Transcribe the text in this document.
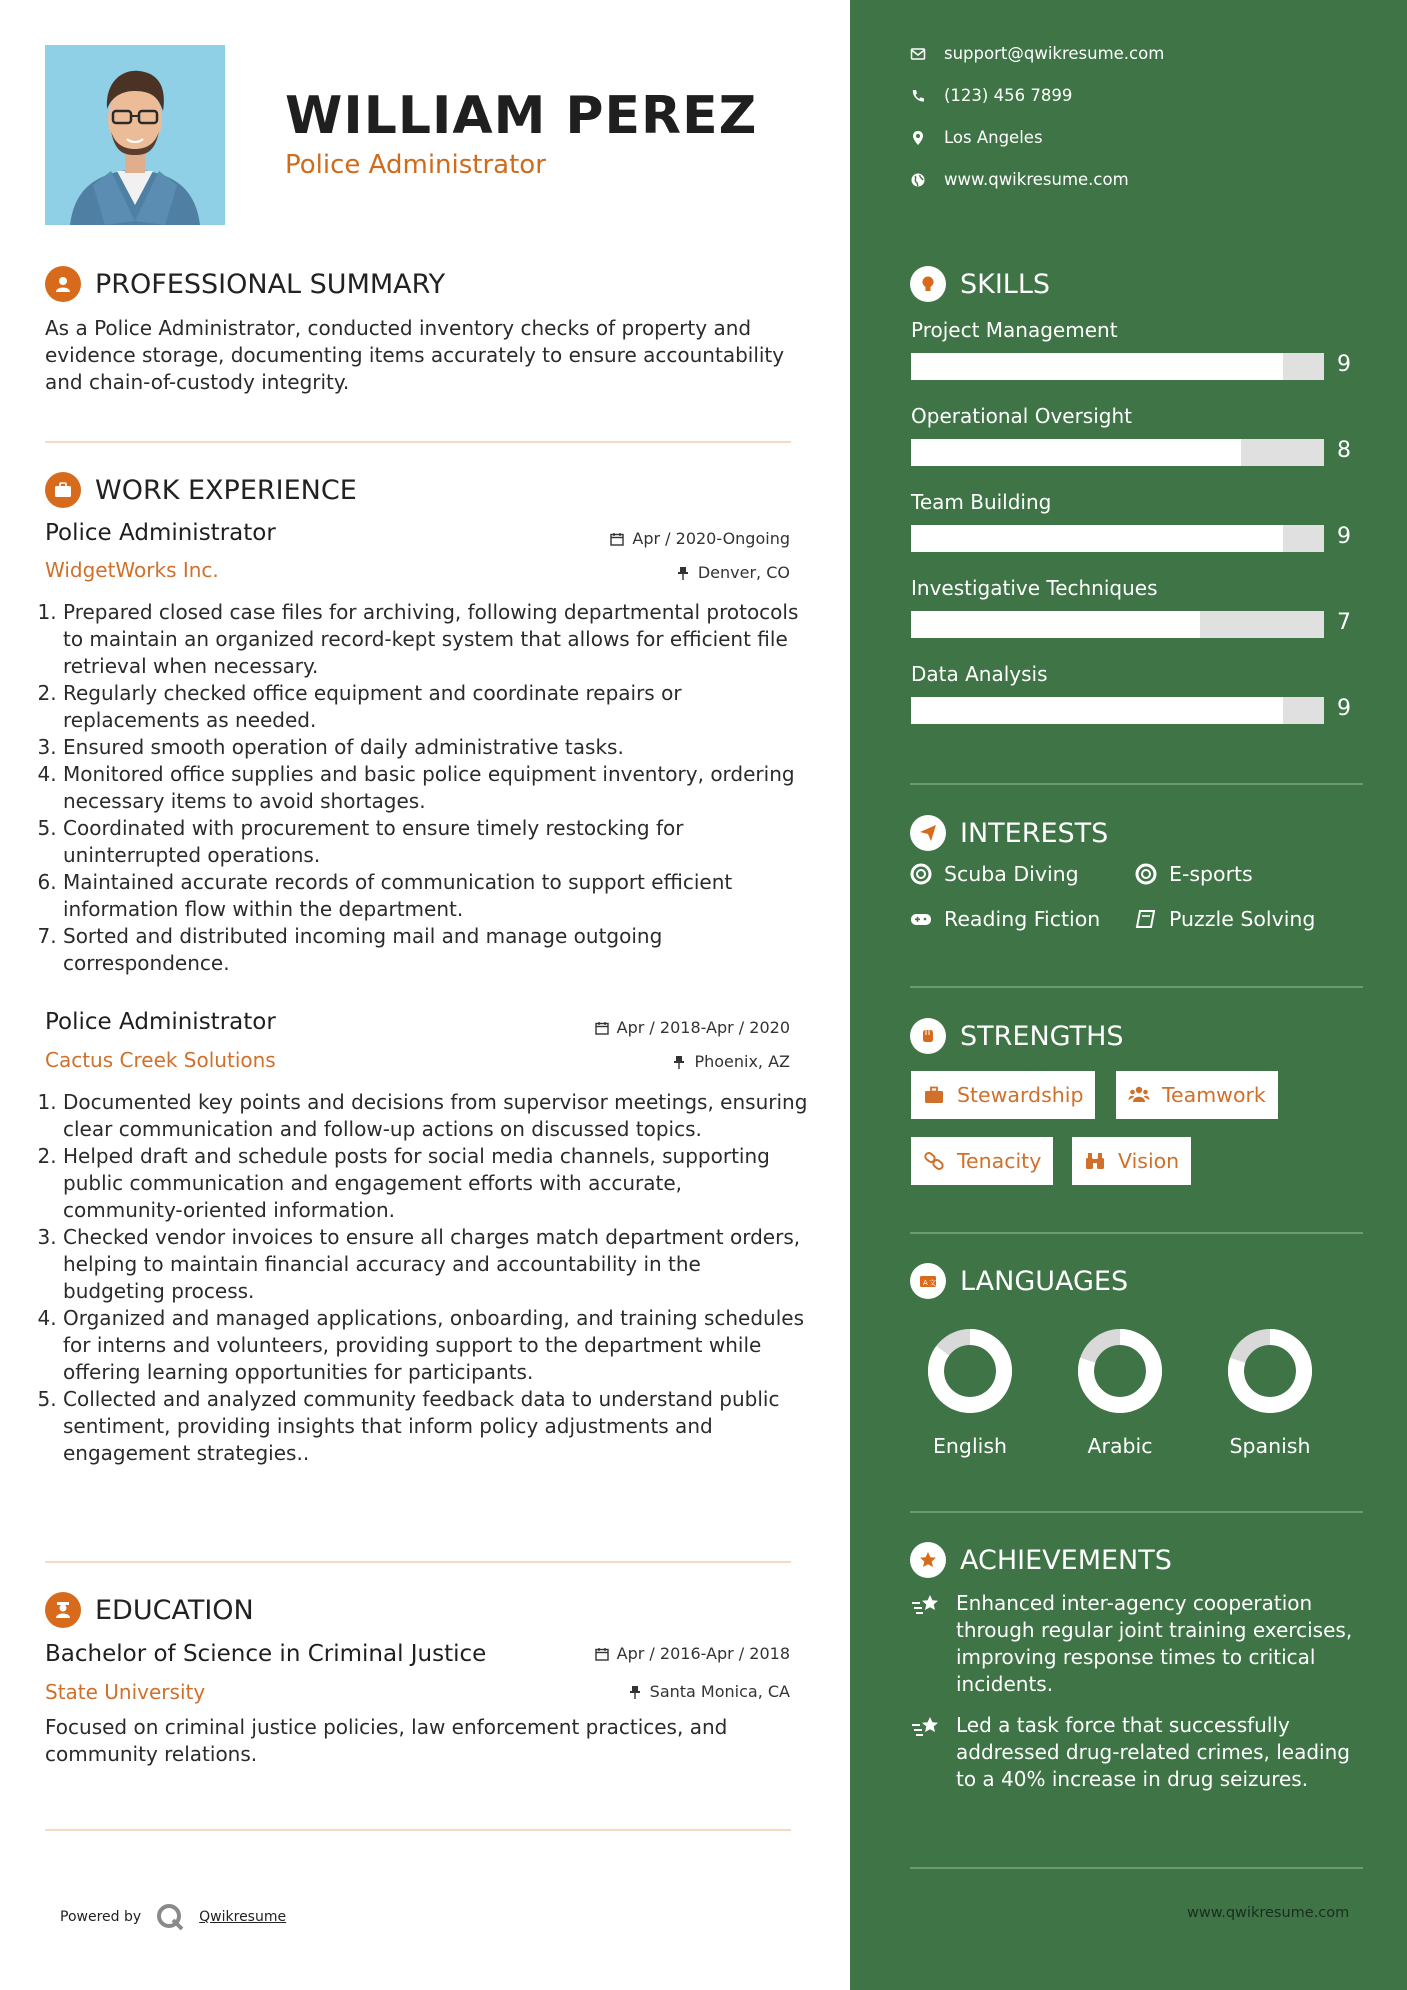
WILLIAM PEREZ
Police Administrator
PROFESSIONAL SUMMARY
As a Police Administrator, conducted inventory checks of property and evidence storage, documenting items accurately to ensure accountability and chain-of-custody integrity.
WORK EXPERIENCE
Police Administrator
WidgetWorks Inc.
Apr / 2020-Ongoing
Denver, CO
1. Prepared closed case files for archiving, following departmental protocols to maintain an organized record-kept system that allows for efficient file retrieval when necessary.
2. Regularly checked office equipment and coordinate repairs or replacements as needed.
3. Ensured smooth operation of daily administrative tasks.
4. Monitored office supplies and basic police equipment inventory, ordering necessary items to avoid shortages.
5. Coordinated with procurement to ensure timely restocking for uninterrupted operations.
6. Maintained accurate records of communication to support efficient information flow within the department.
7. Sorted and distributed incoming mail and manage outgoing correspondence.
Police Administrator
Cactus Creek Solutions
Apr / 2018-Apr / 2020
Phoenix, AZ
1. Documented key points and decisions from supervisor meetings, ensuring clear communication and follow-up actions on discussed topics.
2. Helped draft and schedule posts for social media channels, supporting public communication and engagement efforts with accurate, community-oriented information.
3. Checked vendor invoices to ensure all charges match department orders, helping to maintain financial accuracy and accountability in the budgeting process.
4. Organized and managed applications, onboarding, and training schedules for interns and volunteers, providing support to the department while offering learning opportunities for participants.
5. Collected and analyzed community feedback data to understand public sentiment, providing insights that inform policy adjustments and engagement strategies..
EDUCATION
Bachelor of Science in Criminal Justice
State University
Apr / 2016-Apr / 2018
Santa Monica, CA
Focused on criminal justice policies, law enforcement practices, and community relations.
Powered by	Qwikresume
support@qwikresume.com
(123) 456 7899
Los Angeles
www.qwikresume.com
SKILLS
Project Management
9
Operational Oversight
8
Team Building
9
Investigative Techniques
7
Data Analysis
9
INTERESTS
Scuba Diving	E-sports
Reading Fiction	Puzzle Solving
STRENGTHS
Stewardship	Teamwork
Tenacity	Vision
A 文 LANGUAGES
English	Arabic	Spanish
ACHIEVEMENTS
Enhanced inter-agency cooperation through regular joint training exercises, improving response times to critical incidents.
Led a task force that successfully addressed drug-related crimes, leading to a 40% increase in drug seizures.
www.qwikresume.com
